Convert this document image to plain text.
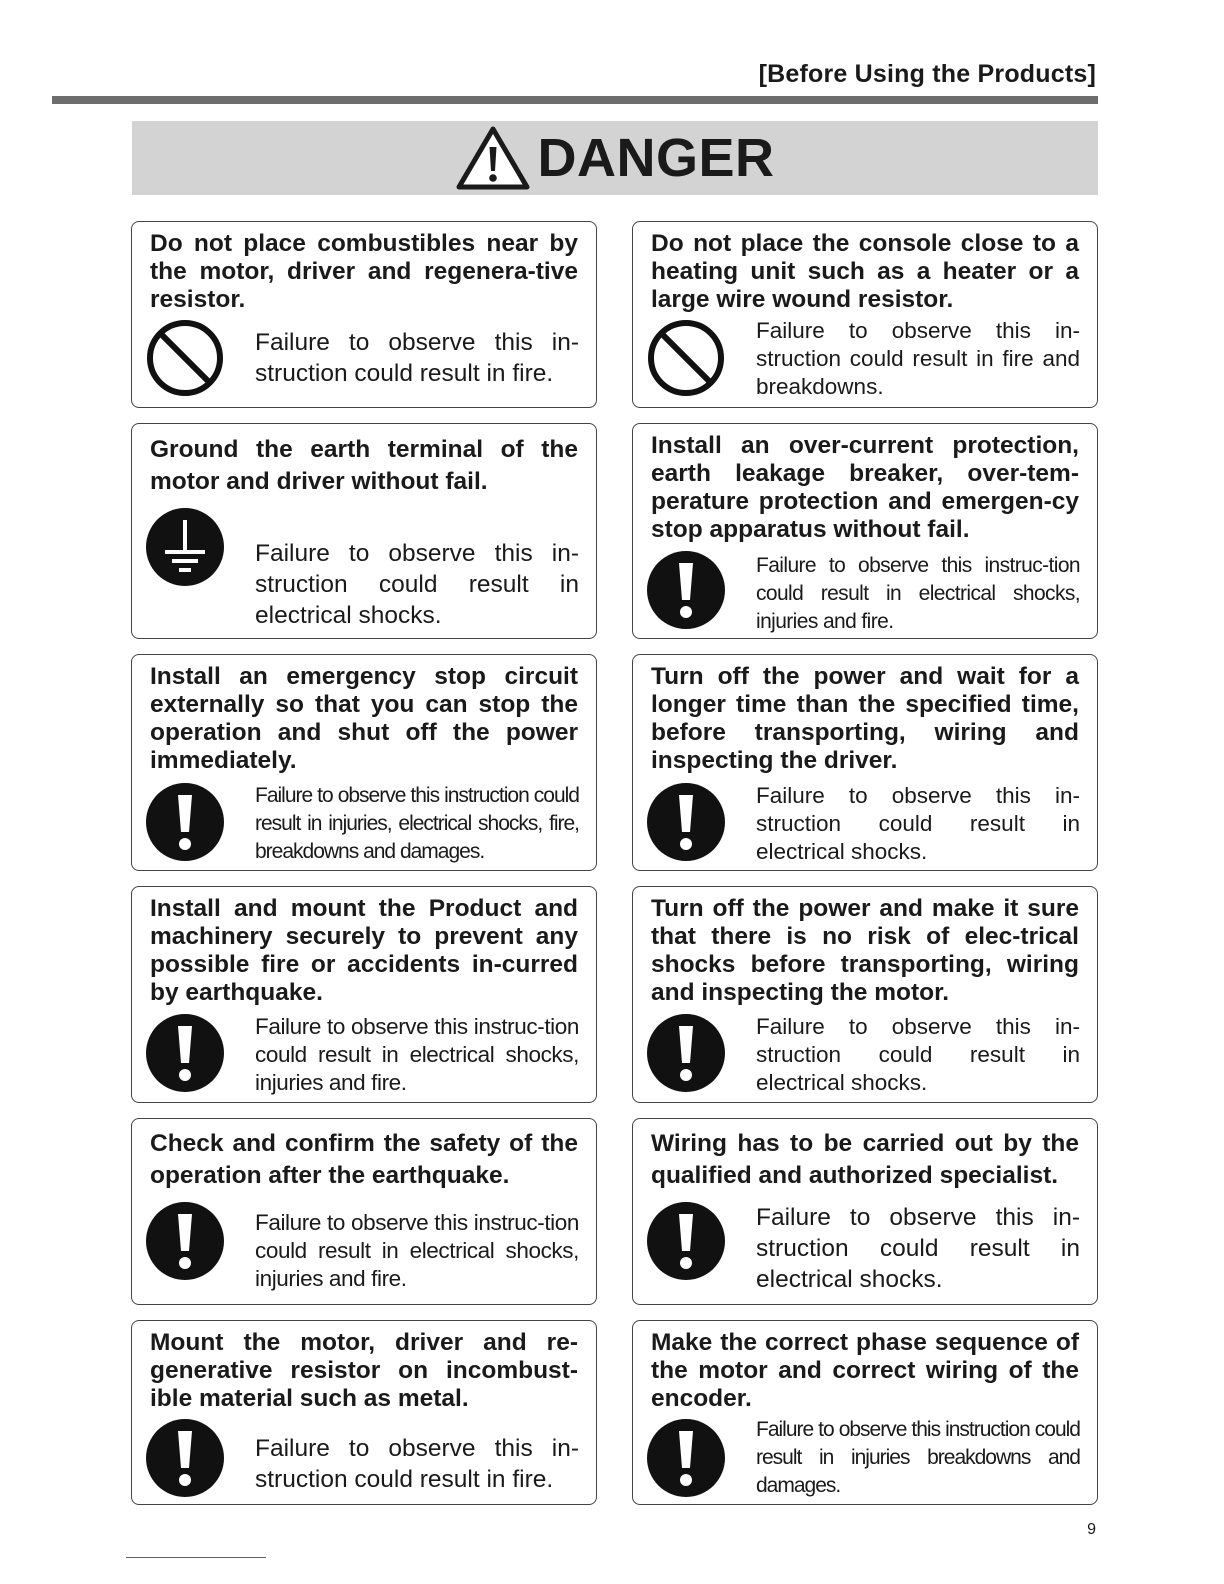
[Before Using the Products]
DANGER
Do not place combustibles near by the motor, driver and regenera-tive resistor.
Failure to observe this in-struction could result in fire.
Do not place the console close to a heating unit such as a heater or a large wire wound resistor.
Failure to observe this in-struction could result in fire and breakdowns.
Ground the earth terminal of the motor and driver without fail.
Failure to observe this in-struction could result in electrical shocks.
Install an over-current protection, earth leakage breaker, over-tem-perature protection and emergen-cy stop apparatus without fail.
Failure to observe this instruc-tion could result in electrical shocks, injuries and fire.
Install an emergency stop circuit externally so that you can stop the operation and shut off the power immediately.
Failure to observe this instruction could result in injuries, electrical shocks, fire, breakdowns and damages.
Turn off the power and wait for a longer time than the specified time, before transporting, wiring and inspecting the driver.
Failure to observe this in-struction could result in electrical shocks.
Install and mount the Product and machinery securely to prevent any possible fire or accidents in-curred by earthquake.
Failure to observe this instruc-tion could result in electrical shocks, injuries and fire.
Turn off the power and make it sure that there is no risk of elec-trical shocks before transporting, wiring and inspecting the motor.
Failure to observe this in-struction could result in electrical shocks.
Check and confirm the safety of the operation after the earthquake.
Failure to observe this instruc-tion could result in electrical shocks, injuries and fire.
Wiring has to be carried out by the qualified and authorized specialist.
Failure to observe this in-struction could result in electrical shocks.
Mount the motor, driver and re-generative resistor on incombust-ible material such as metal.
Failure to observe this in-struction could result in fire.
Make the correct phase sequence of the motor and correct wiring of the encoder.
Failure to observe this instruction could result in injuries breakdowns and damages.
9
